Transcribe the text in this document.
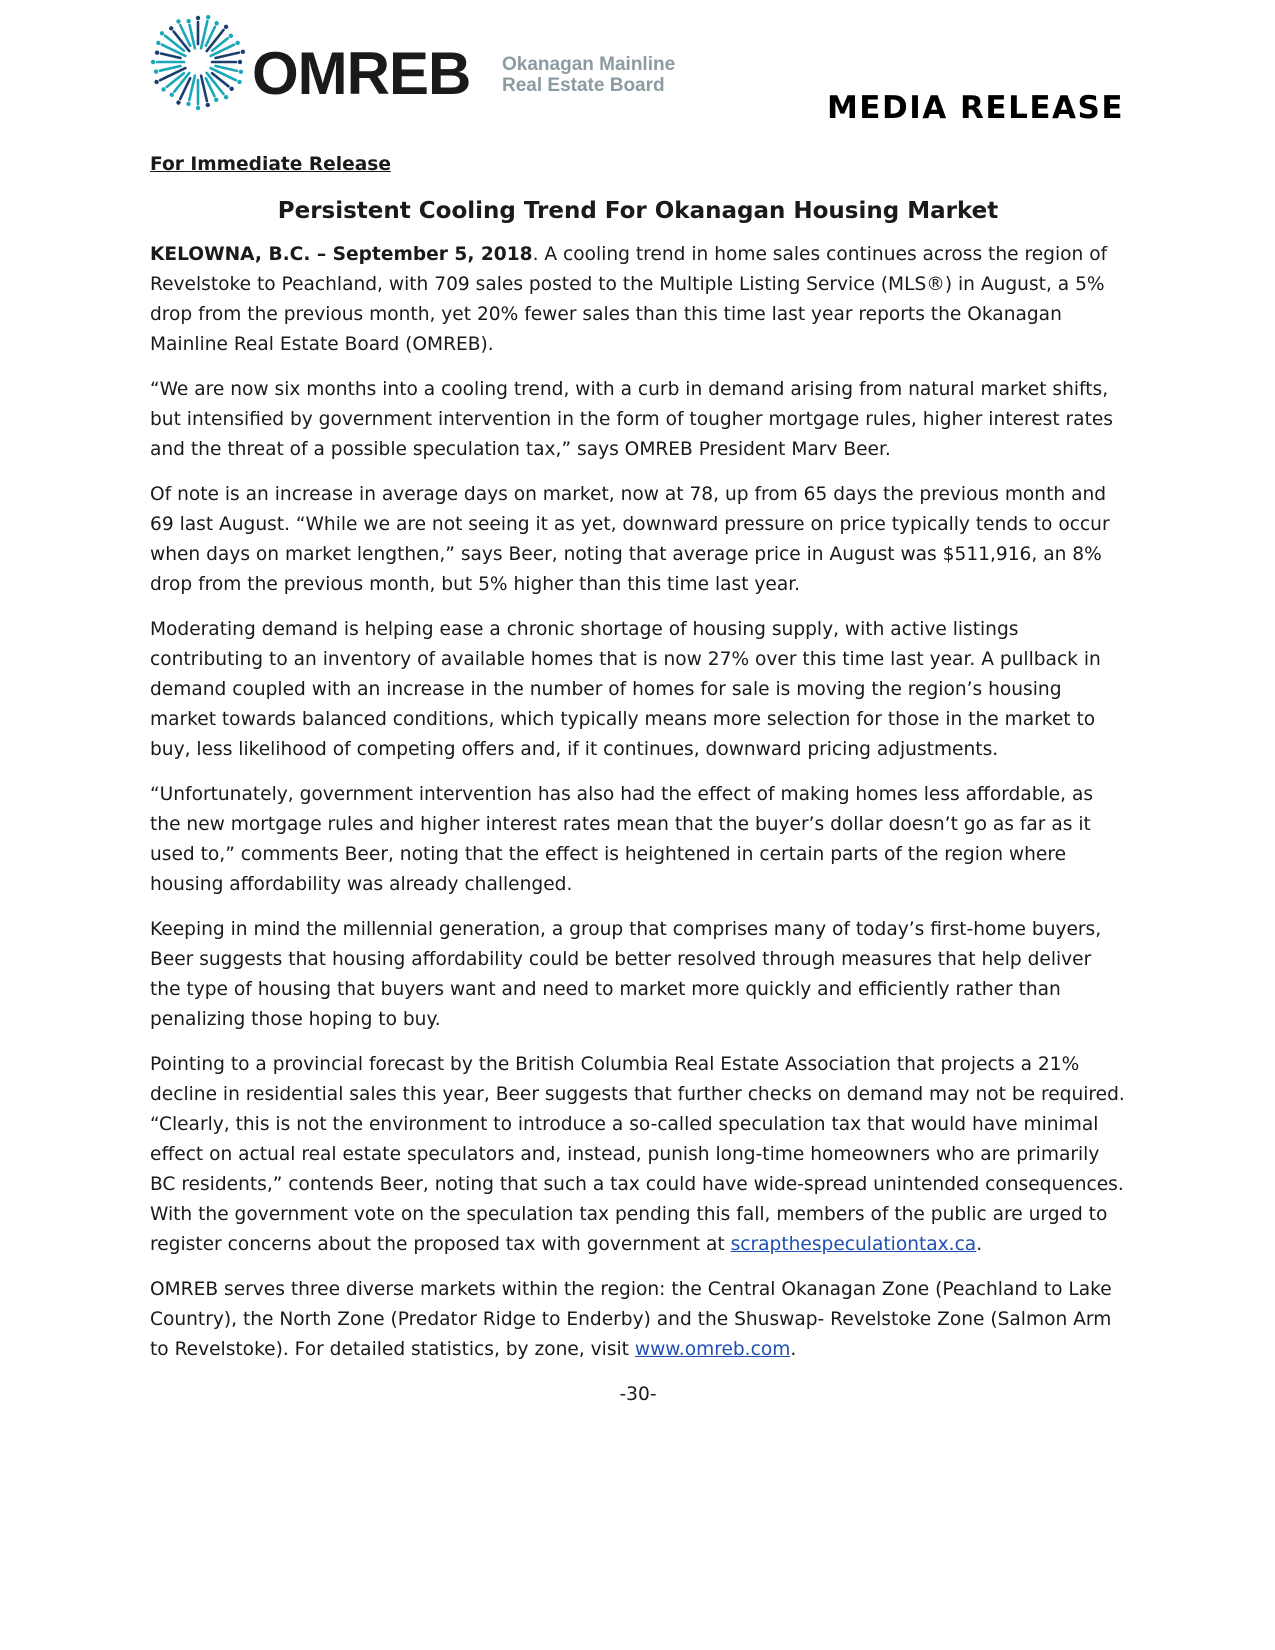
OMREB Okanagan Mainline
Real Estate Board
MEDIA RELEASE
For Immediate Release
Persistent Cooling Trend For Okanagan Housing Market

KELOWNA, B.C. – September 5, 2018. A cooling trend in home sales continues across the region of Revelstoke to Peachland, with 709 sales posted to the Multiple Listing Service (MLS®) in August, a 5% drop from the previous month, yet 20% fewer sales than this time last year reports the Okanagan Mainline Real Estate Board (OMREB).

“We are now six months into a cooling trend, with a curb in demand arising from natural market shifts, but intensified by government intervention in the form of tougher mortgage rules, higher interest rates and the threat of a possible speculation tax,” says OMREB President Marv Beer.

Of note is an increase in average days on market, now at 78, up from 65 days the previous month and 69 last August. “While we are not seeing it as yet, downward pressure on price typically tends to occur when days on market lengthen,” says Beer, noting that average price in August was $511,916, an 8% drop from the previous month, but 5% higher than this time last year.

Moderating demand is helping ease a chronic shortage of housing supply, with active listings contributing to an inventory of available homes that is now 27% over this time last year. A pullback in demand coupled with an increase in the number of homes for sale is moving the region’s housing market towards balanced conditions, which typically means more selection for those in the market to buy, less likelihood of competing offers and, if it continues, downward pricing adjustments.

“Unfortunately, government intervention has also had the effect of making homes less affordable, as the new mortgage rules and higher interest rates mean that the buyer’s dollar doesn’t go as far as it used to,” comments Beer, noting that the effect is heightened in certain parts of the region where housing affordability was already challenged.

Keeping in mind the millennial generation, a group that comprises many of today’s first-home buyers, Beer suggests that housing affordability could be better resolved through measures that help deliver the type of housing that buyers want and need to market more quickly and efficiently rather than penalizing those hoping to buy.

Pointing to a provincial forecast by the British Columbia Real Estate Association that projects a 21% decline in residential sales this year, Beer suggests that further checks on demand may not be required. “Clearly, this is not the environment to introduce a so-called speculation tax that would have minimal effect on actual real estate speculators and, instead, punish long-time homeowners who are primarily BC residents,” contends Beer, noting that such a tax could have wide-spread unintended consequences. With the government vote on the speculation tax pending this fall, members of the public are urged to register concerns about the proposed tax with government at scrapthespeculationtax.ca.

OMREB serves three diverse markets within the region: the Central Okanagan Zone (Peachland to Lake Country), the North Zone (Predator Ridge to Enderby) and the Shuswap- Revelstoke Zone (Salmon Arm to Revelstoke). For detailed statistics, by zone, visit www.omreb.com.

-30-
